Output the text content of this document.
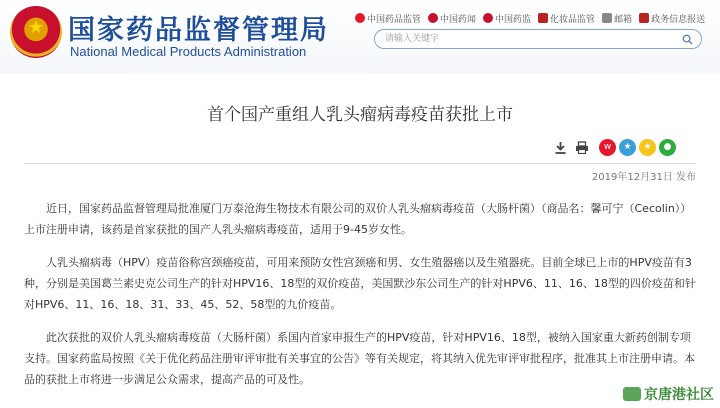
★ 国家药品监督管理局
National Medical Products Administration
中国药品监管 中国药闻 中国药监 化妆品监管 邮箱 政务信息报送
请输入关键字
首个国产重组人乳头瘤病毒疫苗获批上市
w ★ ★ ●
2019年12月31日 发布

近日，国家药品监督管理局批准厦门万泰沧海生物技术有限公司的双价人乳头瘤病毒疫苗（大肠杆菌）（商品名：馨可宁（Cecolin））上市注册申请，该药是首家获批的国产人乳头瘤病毒疫苗，适用于9-45岁女性。

人乳头瘤病毒（HPV）疫苗俗称宫颈癌疫苗，可用来预防女性宫颈癌和男、女生殖器癌以及生殖器疣。目前全球已上市的HPV疫苗有3种，分别是美国葛兰素史克公司生产的针对HPV16、18型的双价疫苗，美国默沙东公司生产的针对HPV6、11、16、18型的四价疫苗和针对HPV6、11、16、18、31、33、45、52、58型的九价疫苗。

此次获批的双价人乳头瘤病毒疫苗（大肠杆菌）系国内首家申报生产的HPV疫苗，针对HPV16、18型，被纳入国家重大新药创制专项支持。国家药监局按照《关于优化药品注册审评审批有关事宜的公告》等有关规定，将其纳入优先审评审批程序，批准其上市注册申请。本品的获批上市将进一步满足公众需求，提高产品的可及性。

京唐港社区
